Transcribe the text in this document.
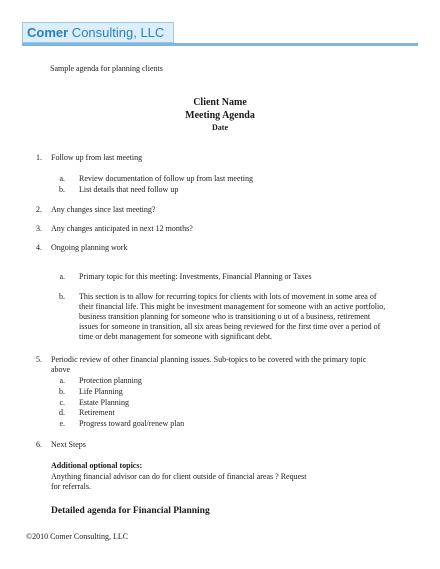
Comer Consulting, LLC
Sample agenda for planning clients
Client Name
Meeting Agenda
Date
1. Follow up from last meeting
a. Review documentation of follow up from last meeting
b. List details that need follow up
2. Any changes since last meeting?
3. Any changes anticipated in next 12 months?
4. Ongoing planning work
a. Primary topic for this meeting: Investments, Financial Planning or Taxes
b. This section is to allow for recurring topics for clients with lots of movement in some area of
their financial life. This might be investment management for someone with an active portfolio,
business transition planning for someone who is transitioning o ut of a business, retirement
issues for someone in transition, all six areas being reviewed for the first time over a period of
time or debt management for someone with significant debt.
5. Periodic review of other financial planning issues. Sub-topics to be covered with the primary topic
above
a. Protection planning
b. Life Planning
c. Estate Planning
d. Retirement
e. Progress toward goal/renew plan
6. Next Steps
Additional optional topics:
Anything financial advisor can do for client outside of financial areas ? Request
for referrals.
Detailed agenda for Financial Planning
©2010 Comer Consulting, LLC
